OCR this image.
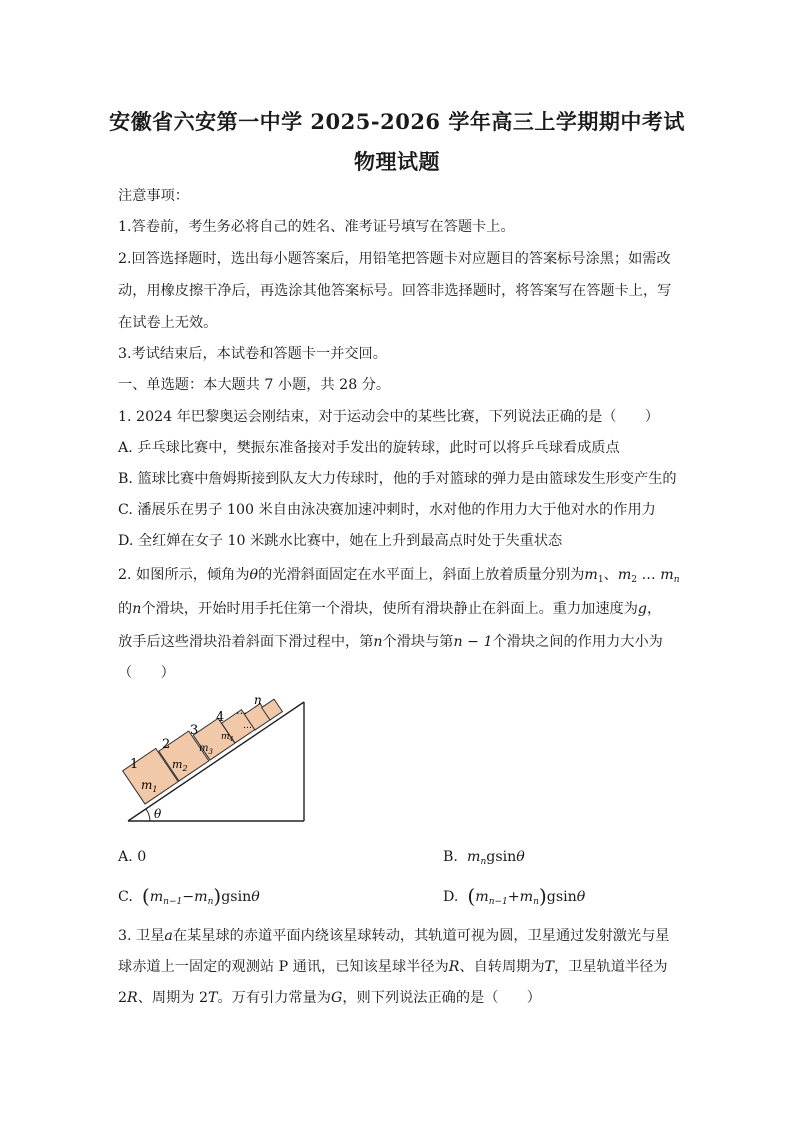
安徽省六安第一中学 2025-2026 学年高三上学期期中考试
物理试题
注意事项：
1.答卷前，考生务必将自己的姓名、准考证号填写在答题卡上。
2.回答选择题时，选出每小题答案后，用铅笔把答题卡对应题目的答案标号涂黑；如需改
动，用橡皮擦干净后，再选涂其他答案标号。回答非选择题时，将答案写在答题卡上，写
在试卷上无效。
3.考试结束后，本试卷和答题卡一并交回。
一、单选题：本大题共 7 小题，共 28 分。
1. 2024 年巴黎奥运会刚结束，对于运动会中的某些比赛，下列说法正确的是（　　）
A. 乒乓球比赛中，樊振东准备接对手发出的旋转球，此时可以将乒乓球看成质点
B. 篮球比赛中詹姆斯接到队友大力传球时，他的手对篮球的弹力是由篮球发生形变产生的
C. 潘展乐在男子 100 米自由泳决赛加速冲刺时，水对他的作用力大于他对水的作用力
D. 全红婵在女子 10 米跳水比赛中，她在上升到最高点时处于失重状态
2. 如图所示，倾角为θ的光滑斜面固定在水平面上，斜面上放着质量分别为$m_1$、$m_2$ … $m_n$
的n个滑块，开始时用手托住第一个滑块，使所有滑块静止在斜面上。重力加速度为g，
放手后这些滑块沿着斜面下滑过程中，第n个滑块与第n − 1个滑块之间的作用力大小为
（　　）
θ
$m_1$
1	$m_2$
2	$m_3$
3	$m_4$
4
…
…
n
A. 0	B. $m_ngsin\theta$
C. $(m_{n-1}-m_n)gsin\theta$	D. $(m_{n-1}+m_n)gsin\theta$
3. 卫星a在某星球的赤道平面内绕该星球转动，其轨道可视为圆，卫星通过发射激光与星
球赤道上一固定的观测站 P 通讯，已知该星球半径为R、自转周期为T，卫星轨道半径为
2R、周期为 2T。万有引力常量为G，则下列说法正确的是（　　）
